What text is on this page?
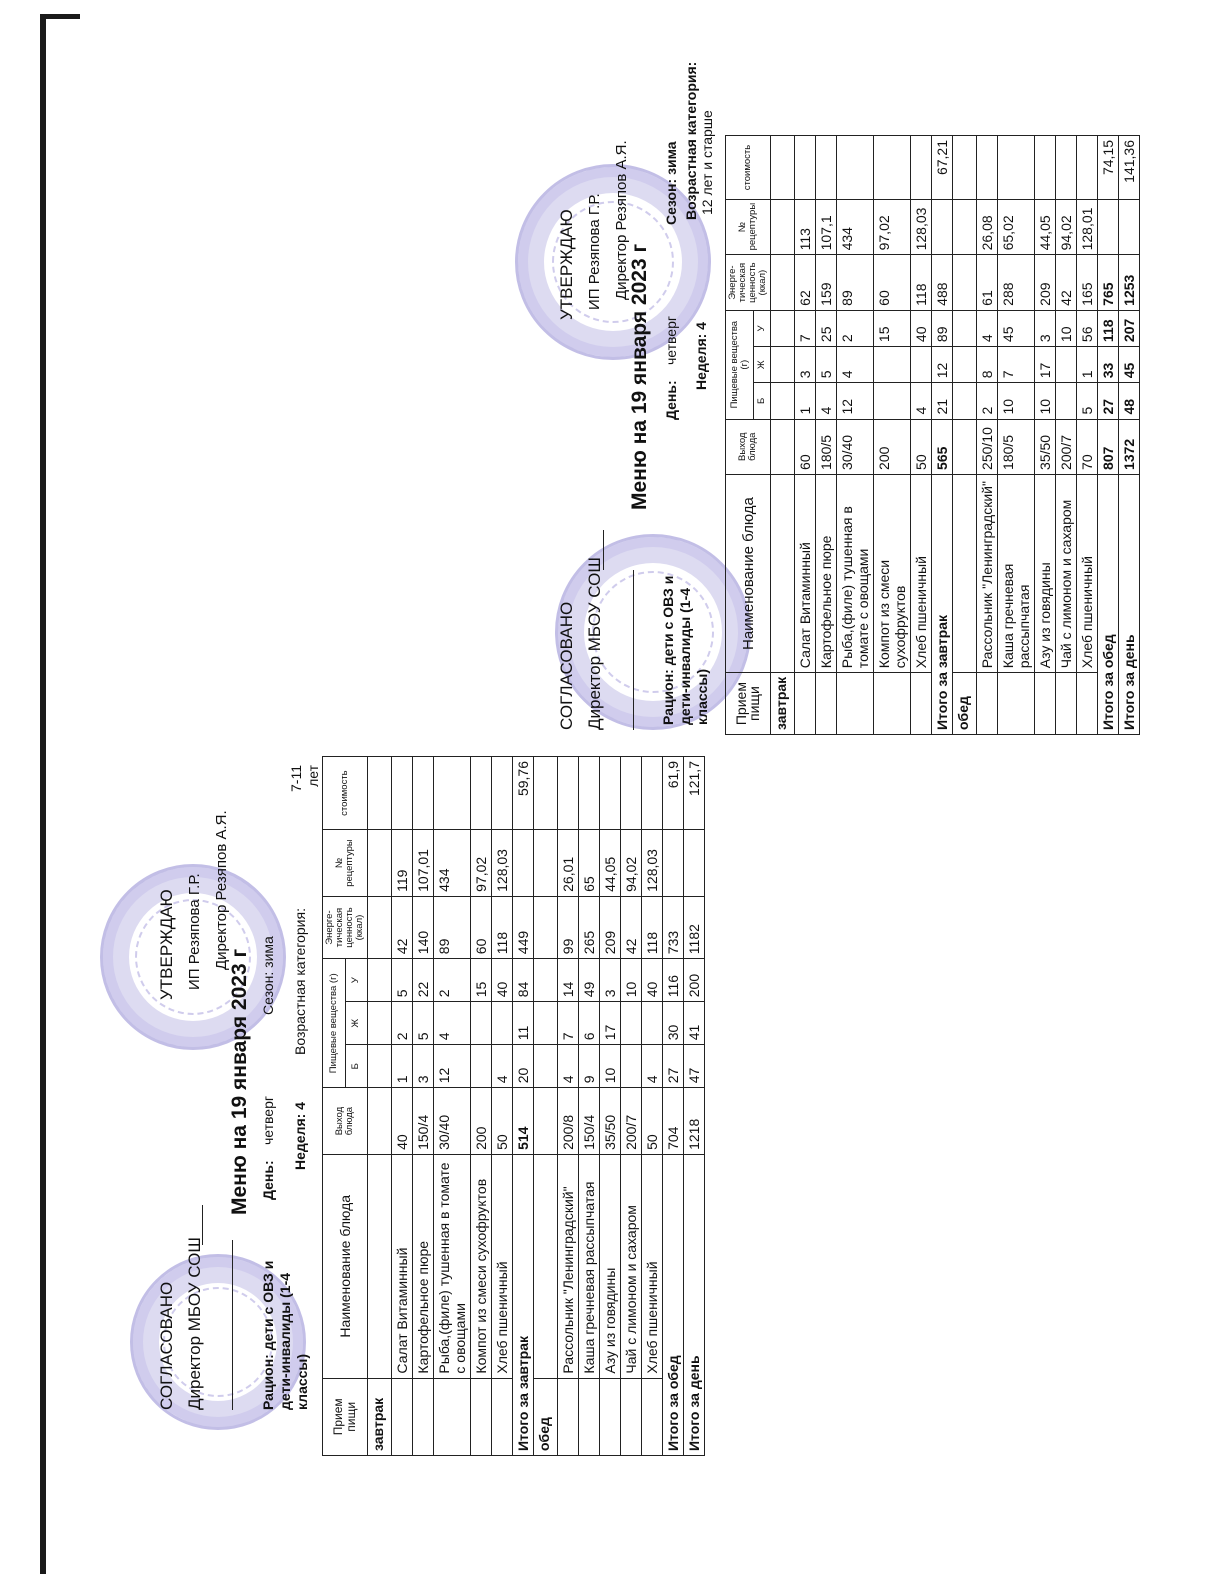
СОГЛАСОВАНО Директор МБОУ СОШ
УТВЕРЖДАЮ ИП Резяпова Г.Р. Директор Резяпов А.Я.
Меню на 19 января 2023 г
Рацион: дети с ОВЗ и дети-инвалиды (1-4 классы)
День:
четверг
Сезон: зима
Неделя: 4
Возрастная категория:
7-11 лет
Прием пищи	Наименование блюда	Выход блюда	Пищевые вещества (г)			Энерге-тическая ценность (ккал)	№ рецептуры	стоимость
			Б	Ж	У			
завтрак								
	Салат Витаминный	40	1	2	5	42	119	
	Картофельное пюре	150/4	3	5	22	140	107,01	
	Рыба,(филе) тушенная в томате с овощами	30/40	12	4	2	89	434	
	Компот из смеси сухофруктов	200			15	60	97,02	
	Хлеб пшеничный	50	4		40	118	128,03	
Итого за завтрак		514	20	11	84	449		59,76
обед								
	Рассольник "Ленинградский"	200/8	4	7	14	99	26,01	
	Каша гречневая рассыпчатая	150/4	9	6	49	265	65	
	Азу из говядины	35/50	10	17	3	209	44,05	
	Чай с лимоном и сахаром	200/7			10	42	94,02	
	Хлеб пшеничный	50	4		40	118	128,03	
Итого за обед		704	27	30	116	733		61,9
Итого за день		1218	47	41	200	1182		121,7
СОГЛАСОВАНО Директор МБОУ СОШ
УТВЕРЖДАЮ ИП Резяпова Г.Р. Директор Резяпов А.Я.
Меню на 19 января 2023 г
Рацион: дети с ОВЗ и дети-инвалиды (1-4 классы)
День:
четверг
Сезон: зима
Неделя: 4
Возрастная категория: 12 лет и старше
Прием пищи	Наименование блюда	Выход блюда	Пищевые вещества (г)			Энерге-тическая ценность (ккал)	№ рецептуры	стоимость
			Б	Ж	У			
завтрак								
	Салат Витаминный	60	1	3	7	62	113	
	Картофельное пюре	180/5	4	5	25	159	107,1	
	Рыба,(филе) тушенная в томате с овощами	30/40	12	4	2	89	434	
	Компот из смеси сухофруктов	200			15	60	97,02	
	Хлеб пшеничный	50	4		40	118	128,03	
Итого за завтрак		565	21	12	89	488		67,21
обед								
	Рассольник "Ленинградский"	250/10	2	8	4	61	26,08	
	Каша гречневая рассыпчатая	180/5	10	7	45	288	65,02	
	Азу из говядины	35/50	10	17	3	209	44,05	
	Чай с лимоном и сахаром	200/7			10	42	94,02	
	Хлеб пшеничный	70	5	1	56	165	128,01	
Итого за обед		807	27	33	118	765		74,15
Итого за день		1372	48	45	207	1253		141,36
